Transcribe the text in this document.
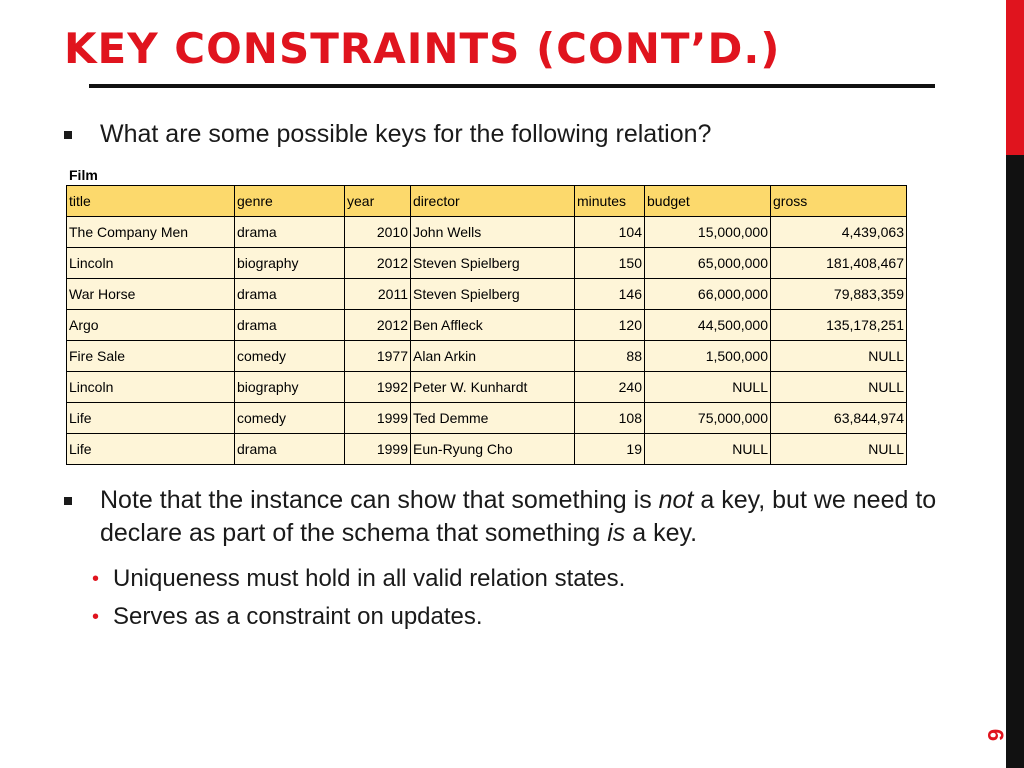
KEY CONSTRAINTS (CONT’D.)
What are some possible keys for the following relation?
Film
title	genre	year	director	minutes	budget	gross
The Company Men	drama	2010	John Wells	104	15,000,000	4,439,063
Lincoln	biography	2012	Steven Spielberg	150	65,000,000	181,408,467
War Horse	drama	2011	Steven Spielberg	146	66,000,000	79,883,359
Argo	drama	2012	Ben Affleck	120	44,500,000	135,178,251
Fire Sale	comedy	1977	Alan Arkin	88	1,500,000	NULL
Lincoln	biography	1992	Peter W. Kunhardt	240	NULL	NULL
Life	comedy	1999	Ted Demme	108	75,000,000	63,844,974
Life	drama	1999	Eun-Ryung Cho	19	NULL	NULL
Note that the instance can show that something is not a key, but we need to declare as part of the schema that something is a key.
• Uniqueness must hold in all valid relation states.
• Serves as a constraint on updates.
6
